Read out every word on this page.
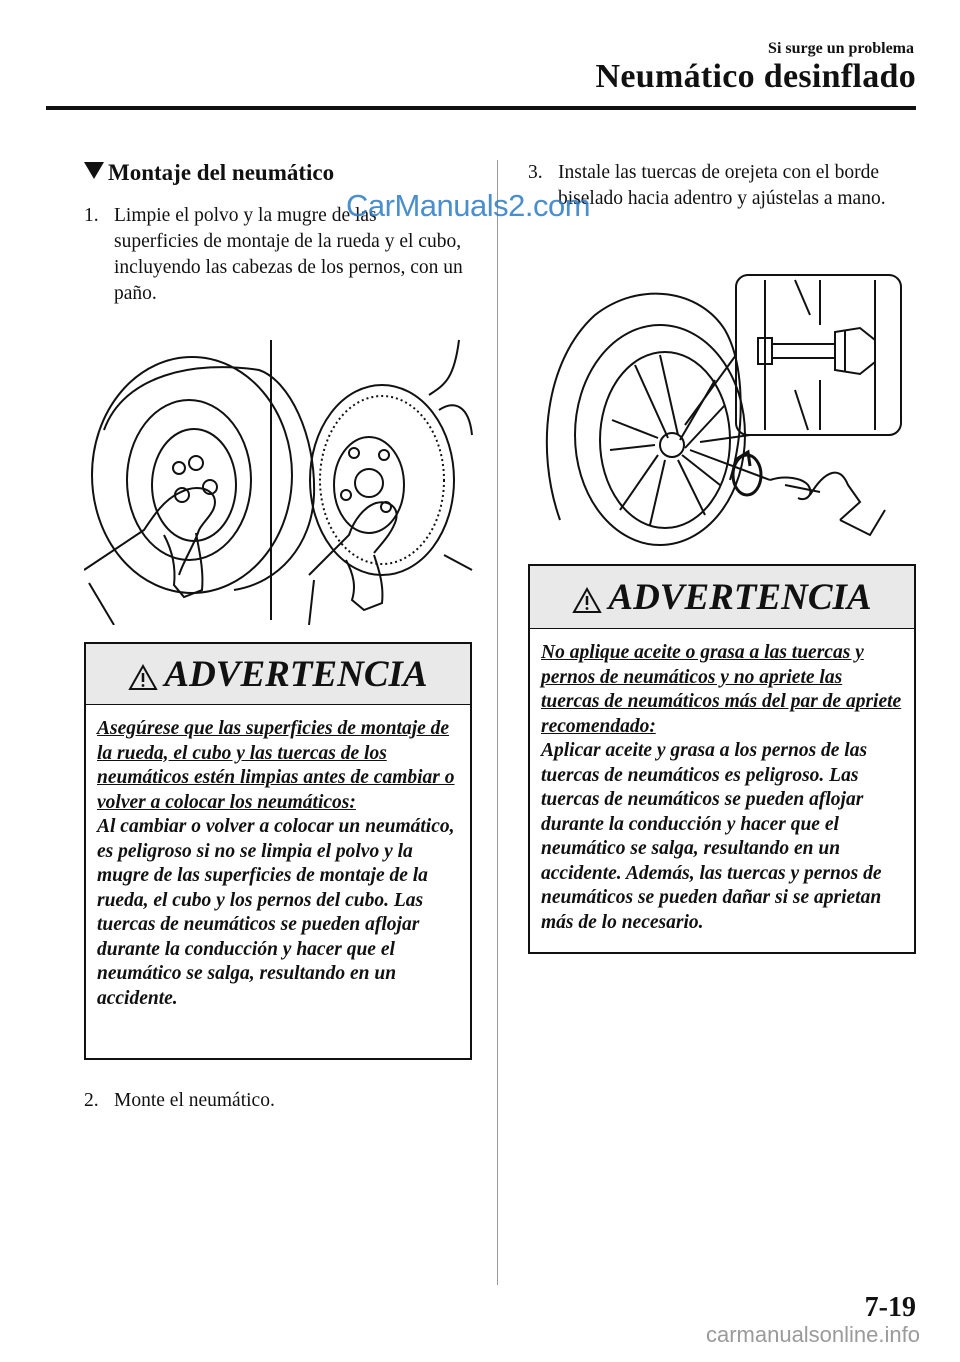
Si surge un problema
Neumático desinflado
Montaje del neumático
1. Limpie el polvo y la mugre de las superficies de montaje de la rueda y el cubo, incluyendo las cabezas de los pernos, con un paño.
ADVERTENCIA
Asegúrese que las superficies de montaje de la rueda, el cubo y las tuercas de los neumáticos estén limpias antes de cambiar o volver a colocar los neumáticos:
Al cambiar o volver a colocar un neumático, es peligroso si no se limpia el polvo y la mugre de las superficies de montaje de la rueda, el cubo y los pernos del cubo. Las tuercas de neumáticos se pueden aflojar durante la conducción y hacer que el neumático se salga, resultando en un accidente.
2. Monte el neumático.
3. Instale las tuercas de orejeta con el borde biselado hacia adentro y ajústelas a mano.
ADVERTENCIA
No aplique aceite o grasa a las tuercas y pernos de neumáticos y no apriete las tuercas de neumáticos más del par de apriete recomendado:
Aplicar aceite y grasa a los pernos de las tuercas de neumáticos es peligroso. Las tuercas de neumáticos se pueden aflojar durante la conducción y hacer que el neumático se salga, resultando en un accidente. Además, las tuercas y pernos de neumáticos se pueden dañar si se aprietan más de lo necesario.
CarManuals2.com
7-19
carmanualsonline.info
